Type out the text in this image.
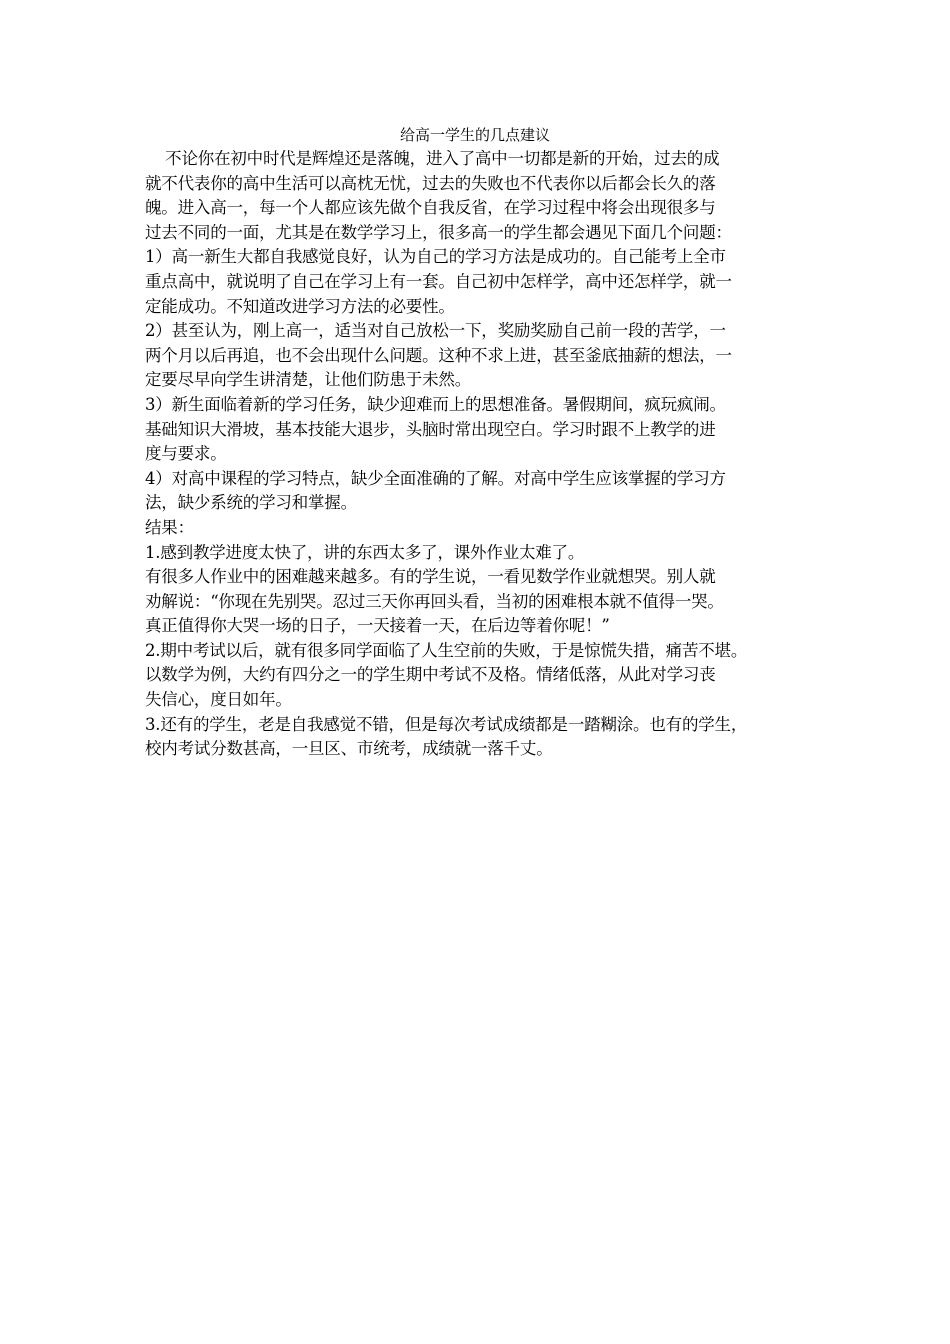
给高一学生的几点建议
不论你在初中时代是辉煌还是落魄，进入了高中一切都是新的开始，过去的成
就不代表你的高中生活可以高枕无忧，过去的失败也不代表你以后都会长久的落
魄。进入高一，每一个人都应该先做个自我反省，在学习过程中将会出现很多与
过去不同的一面，尤其是在数学学习上，很多高一的学生都会遇见下面几个问题：
1）高一新生大都自我感觉良好，认为自己的学习方法是成功的。自己能考上全市
重点高中，就说明了自己在学习上有一套。自己初中怎样学，高中还怎样学，就一
定能成功。不知道改进学习方法的必要性。
2）甚至认为，刚上高一，适当对自己放松一下，奖励奖励自己前一段的苦学，一
两个月以后再追，也不会出现什么问题。这种不求上进，甚至釜底抽薪的想法，一
定要尽早向学生讲清楚，让他们防患于未然。
3）新生面临着新的学习任务，缺少迎难而上的思想准备。暑假期间，疯玩疯闹。
基础知识大滑坡，基本技能大退步，头脑时常出现空白。学习时跟不上教学的进
度与要求。
4）对高中课程的学习特点，缺少全面准确的了解。对高中学生应该掌握的学习方
法，缺少系统的学习和掌握。
结果：
1.感到教学进度太快了，讲的东西太多了，课外作业太难了。
有很多人作业中的困难越来越多。有的学生说，一看见数学作业就想哭。别人就
劝解说：“你现在先别哭。忍过三天你再回头看，当初的困难根本就不值得一哭。
真正值得你大哭一场的日子，一天接着一天，在后边等着你呢！”
2.期中考试以后，就有很多同学面临了人生空前的失败，于是惊慌失措，痛苦不堪。
以数学为例，大约有四分之一的学生期中考试不及格。情绪低落，从此对学习丧
失信心，度日如年。
3.还有的学生，老是自我感觉不错，但是每次考试成绩都是一踏糊涂。也有的学生，
校内考试分数甚高，一旦区、市统考，成绩就一落千丈。
